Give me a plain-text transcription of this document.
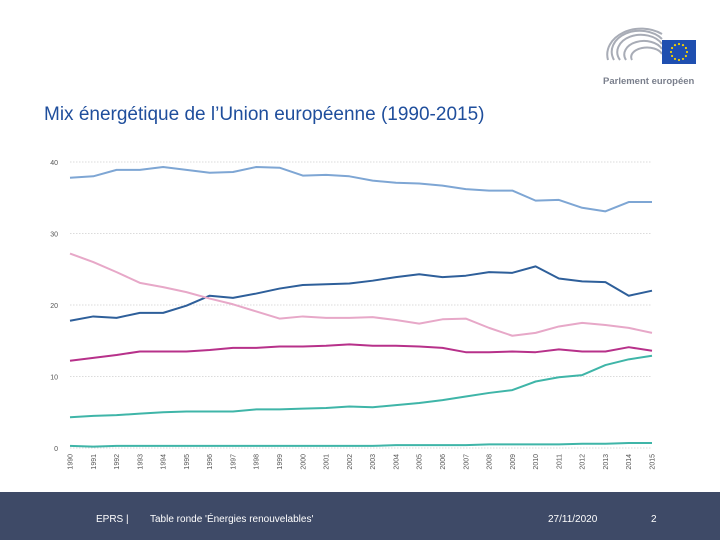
Parlement européen
Mix énergétique de l’Union européenne (1990-2015)
0
10
20
30
40
1990 1991 1992 1993 1994 1995 1996 1997 1998 1999 2000 2001 2002 2003 2004 2005 2006 2007 2008 2009 2010 2011 2012 2013 2014 2015
EPRS | Table ronde 'Énergies renouvelables'	27/11/2020	2
